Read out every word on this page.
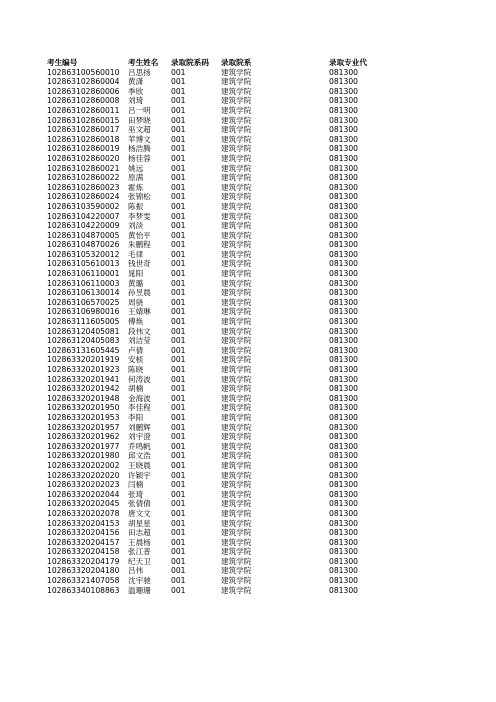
考生编号	考生姓名 录取院系码 录取院系	录取专业代
102863100560010 吕思扬	001	建筑学院	081300
102863102860004 黄潇	001	建筑学院	081300
102863102860006 季欣	001	建筑学院	081300
102863102860008 刘琦	001	建筑学院	081300
102863102860011 吕一明	001	建筑学院	081300
102863102860015 田梦晓	001	建筑学院	081300
102863102860017 巫文超	001	建筑学院	081300
102863102860018 苹博文	001	建筑学院	081300
102863102860019 杨浩腾	001	建筑学院	081300
102863102860020 杨佳蓉	001	建筑学院	081300
102863102860021 姚远	001	建筑学院	081300
102863102860022 原满	001	建筑学院	081300
102863102860023 霍炼	001	建筑学院	081300
102863102860024 张锦松	001	建筑学院	081300
102863103590002 陈振	001	建筑学院	081300
102863104220007 李梦雯	001	建筑学院	081300
102863104220009 刘淡	001	建筑学院	081300
102863104870005 黄怡平	001	建筑学院	081300
102863104870026 朱鹏程	001	建筑学院	081300
102863105320012 毛律	001	建筑学院	081300
102863105610013 钱世奇	001	建筑学院	081300
102863106110001 晁阳	001	建筑学院	081300
102863106110003 黄璐	001	建筑学院	081300
102863106130014 孙昱晨	001	建筑学院	081300
102863106570025 周骁	001	建筑学院	081300
102863106980016 王婧琳	001	建筑学院	081300
102863111605005 傅焕	001	建筑学院	081300
102863120405081 段伟文	001	建筑学院	081300
102863120405083 刘洁莹	001	建筑学院	081300
102863131605445 卢倩	001	建筑学院	081300
102863320201919 安桢	001	建筑学院	081300
102863320201923 陈晓	001	建筑学院	081300
102863320201941 何涛波	001	建筑学院	081300
102863320201942 胡楠	001	建筑学院	081300
102863320201948 金海波	001	建筑学院	081300
102863320201950 李佳程	001	建筑学院	081300
102863320201953 李阳	001	建筑学院	081300
102863320201957 刘鹏辉	001	建筑学院	081300
102863320201962 刘宇澄	001	建筑学院	081300
102863320201977 乔鸣帆	001	建筑学院	081300
102863320201980 邱文浩	001	建筑学院	081300
102863320202002 王晓晨	001	建筑学院	081300
102863320202020 许颖宇	001	建筑学院	081300
102863320202023 闫楠	001	建筑学院	081300
102863320202044 张琦	001	建筑学院	081300
102863320202045 张倩倩	001	建筑学院	081300
102863320202078 唐文文	001	建筑学院	081300
102863320204153 胡星星	001	建筑学院	081300
102863320204156 田志超	001	建筑学院	081300
102863320204157 王晨杨	001	建筑学院	081300
102863320204158 张江普	001	建筑学院	081300
102863320204179 纪天卫	001	建筑学院	081300
102863320204180 吕伟	001	建筑学院	081300
102863321407058 沈宇驰	001	建筑学院	081300
102863340108863 温珊珊	001	建筑学院	081300
